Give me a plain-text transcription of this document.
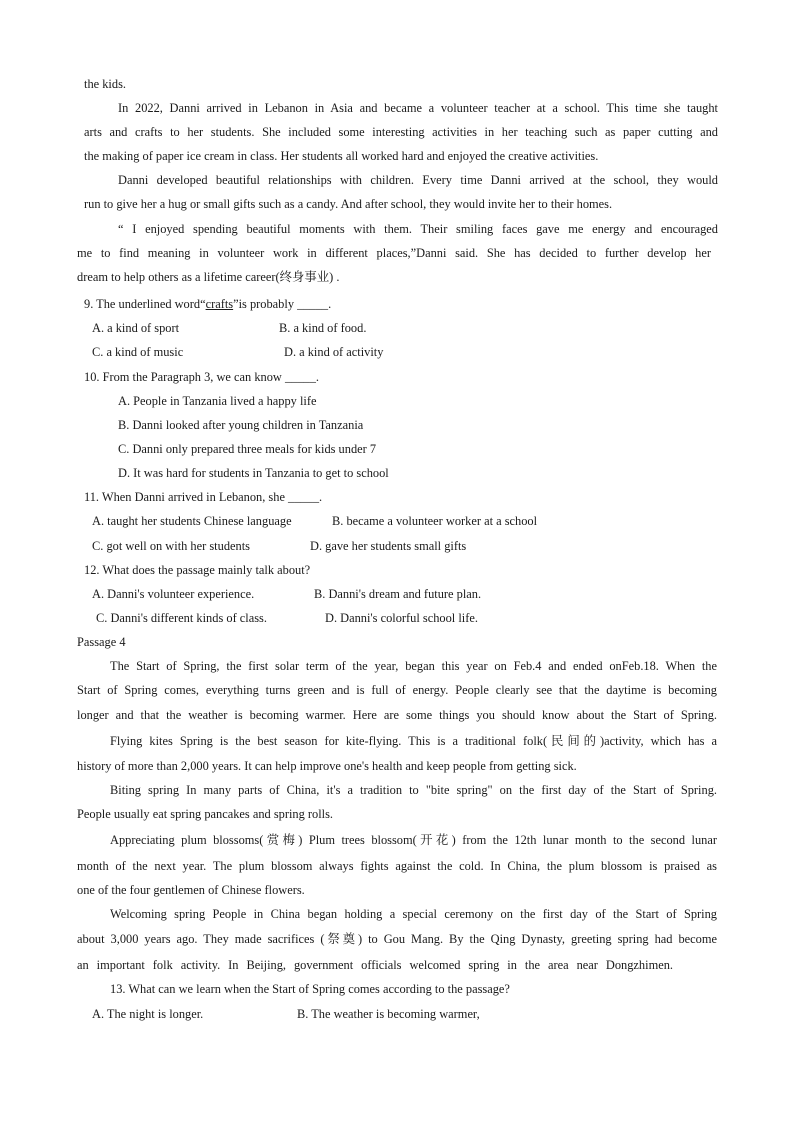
the kids.

In 2022, Danni arrived in Lebanon in Asia and became a volunteer teacher at a school. This time she taught

arts and crafts to her students. She included some interesting activities in her teaching such as paper cutting and

the making of paper ice cream in class. Her students all worked hard and enjoyed the creative activities.

Danni developed beautiful relationships with children. Every time Danni arrived at the school, they would

run to give her a hug or small gifts such as a candy. And after school, they would invite her to their homes.

“ I enjoyed spending beautiful moments with them. Their smiling faces gave me energy and encouraged

me to find meaning in volunteer work in different places,”Danni said. She has decided to further develop her

dream to help others as a lifetime career(终身事业) .

9. The underlined word“crafts”is probably _____.

A. a kind of sport	B. a kind of food.
C. a kind of music	D. a kind of activity

10. From the Paragraph 3, we can know _____.

A. People in Tanzania lived a happy life
B. Danni looked after young children in Tanzania
C. Danni only prepared three meals for kids under 7
D. It was hard for students in Tanzania to get to school

11. When Danni arrived in Lebanon, she _____.

A. taught her students Chinese language	B. became a volunteer worker at a school
C. got well on with her students	D. gave her students small gifts

12. What does the passage mainly talk about?

A. Danni's volunteer experience.	B. Danni's dream and future plan.
C. Danni's different kinds of class.	D. Danni's colorful school life.

Passage 4

The Start of Spring, the first solar term of the year, began this year on Feb.4 and ended onFeb.18. When the

Start of Spring comes, everything turns green and is full of energy. People clearly see that the daytime is becoming

longer and that the weather is becoming warmer. Here are some things you should know about the Start of Spring.

Flying kites Spring is the best season for kite-flying. This is a traditional folk(民间的)activity, which has a

history of more than 2,000 years. It can help improve one's health and keep people from getting sick.

Biting spring In many parts of China, it's a tradition to "bite spring" on the first day of the Start of Spring.

People usually eat spring pancakes and spring rolls.

Appreciating plum blossoms(赏梅) Plum trees blossom(开花) from the 12th lunar month to the second lunar

month of the next year. The plum blossom always fights against the cold. In China, the plum blossom is praised as

one of the four gentlemen of Chinese flowers.

Welcoming spring People in China began holding a special ceremony on the first day of the Start of Spring

about 3,000 years ago. They made sacrifices (祭奠) to Gou Mang. By the Qing Dynasty, greeting spring had become

an important folk activity. In Beijing, government officials welcomed spring in the area near Dongzhimen.

13. What can we learn when the Start of Spring comes according to the passage?

A. The night is longer.	B. The weather is becoming warmer,
